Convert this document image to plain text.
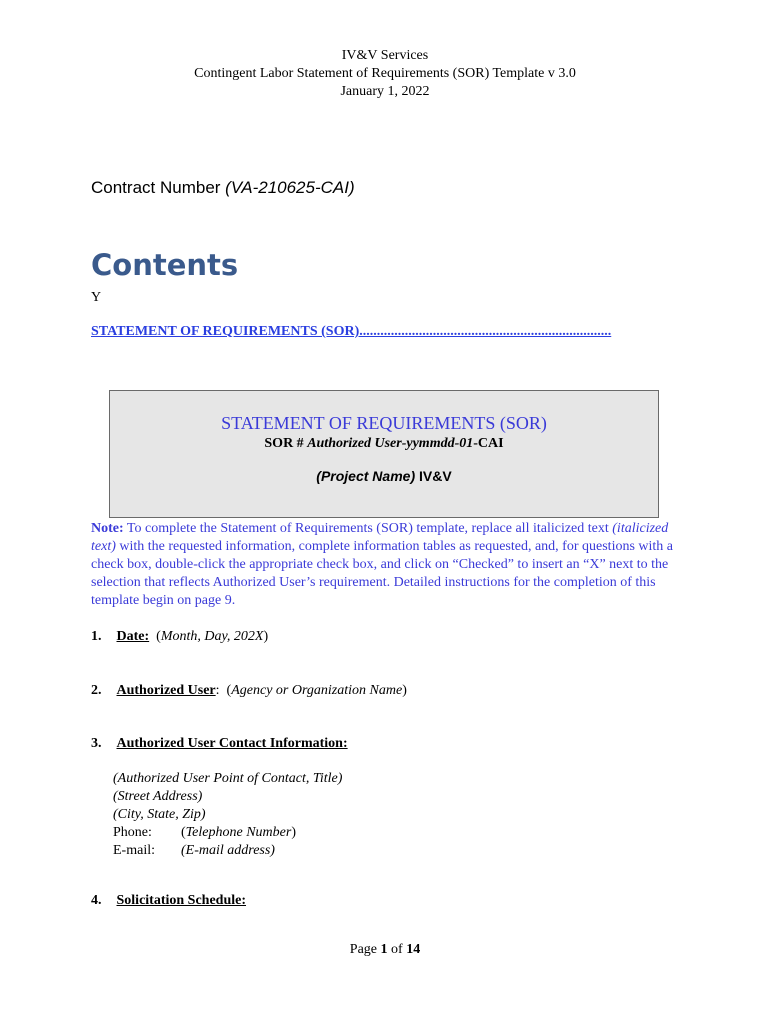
IV&V Services
Contingent Labor Statement of Requirements (SOR) Template v 3.0
January 1, 2022
Contract Number (VA-210625-CAI)
Contents
Y
STATEMENT OF REQUIREMENTS (SOR)........................................................................
STATEMENT OF REQUIREMENTS (SOR)
SOR # Authorized User-yymmdd-01-CAI
(Project Name) IV&V
Note: To complete the Statement of Requirements (SOR) template, replace all italicized text (italicized text) with the requested information, complete information tables as requested, and, for questions with a check box, double-click the appropriate check box, and click on “Checked” to insert an “X” next to the selection that reflects Authorized User’s requirement. Detailed instructions for the completion of this template begin on page 9.
1. Date:  (Month, Day, 202X)
2. Authorized User:  (Agency or Organization Name)
3. Authorized User Contact Information:
(Authorized User Point of Contact, Title)
(Street Address)
(City, State, Zip)
Phone: (Telephone Number)
E-mail: (E-mail address)
4. Solicitation Schedule:
Page 1 of 14
